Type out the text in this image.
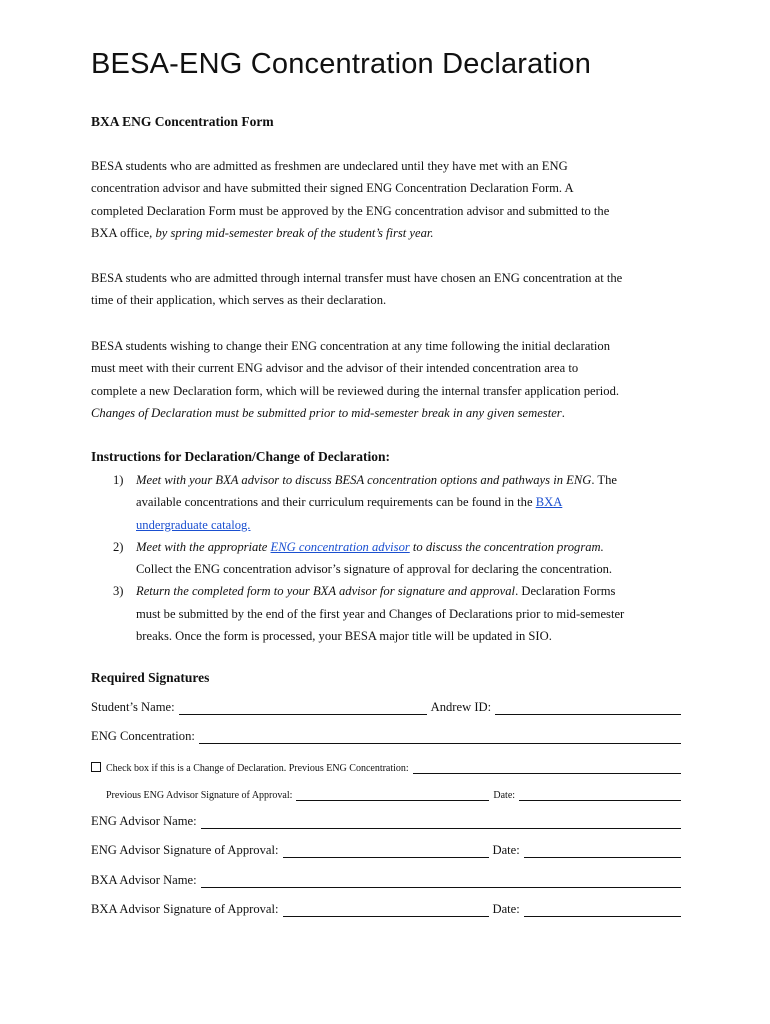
BESA-ENG Concentration Declaration
BXA ENG Concentration Form
BESA students who are admitted as freshmen are undeclared until they have met with an ENG
concentration advisor and have submitted their signed ENG Concentration Declaration Form. A
completed Declaration Form must be approved by the ENG concentration advisor and submitted to the
BXA office, by spring mid-semester break of the student’s first year.
BESA students who are admitted through internal transfer must have chosen an ENG concentration at the
time of their application, which serves as their declaration.
BESA students wishing to change their ENG concentration at any time following the initial declaration
must meet with their current ENG advisor and the advisor of their intended concentration area to
complete a new Declaration form, which will be reviewed during the internal transfer application period.
Changes of Declaration must be submitted prior to mid-semester break in any given semester.
Instructions for Declaration/Change of Declaration:
1) Meet with your BXA advisor to discuss BESA concentration options and pathways in ENG. The
available concentrations and their curriculum requirements can be found in the BXA
undergraduate catalog.
2) Meet with the appropriate ENG concentration advisor to discuss the concentration program.
Collect the ENG concentration advisor’s signature of approval for declaring the concentration.
3) Return the completed form to your BXA advisor for signature and approval. Declaration Forms
must be submitted by the end of the first year and Changes of Declarations prior to mid-semester
breaks. Once the form is processed, your BESA major title will be updated in SIO.
Required Signatures
Student’s Name:	Andrew ID:
ENG Concentration:
Check box if this is a Change of Declaration. Previous ENG Concentration:
Previous ENG Advisor Signature of Approval:	Date:
ENG Advisor Name:
ENG Advisor Signature of Approval:	Date:
BXA Advisor Name:
BXA Advisor Signature of Approval:	Date:
